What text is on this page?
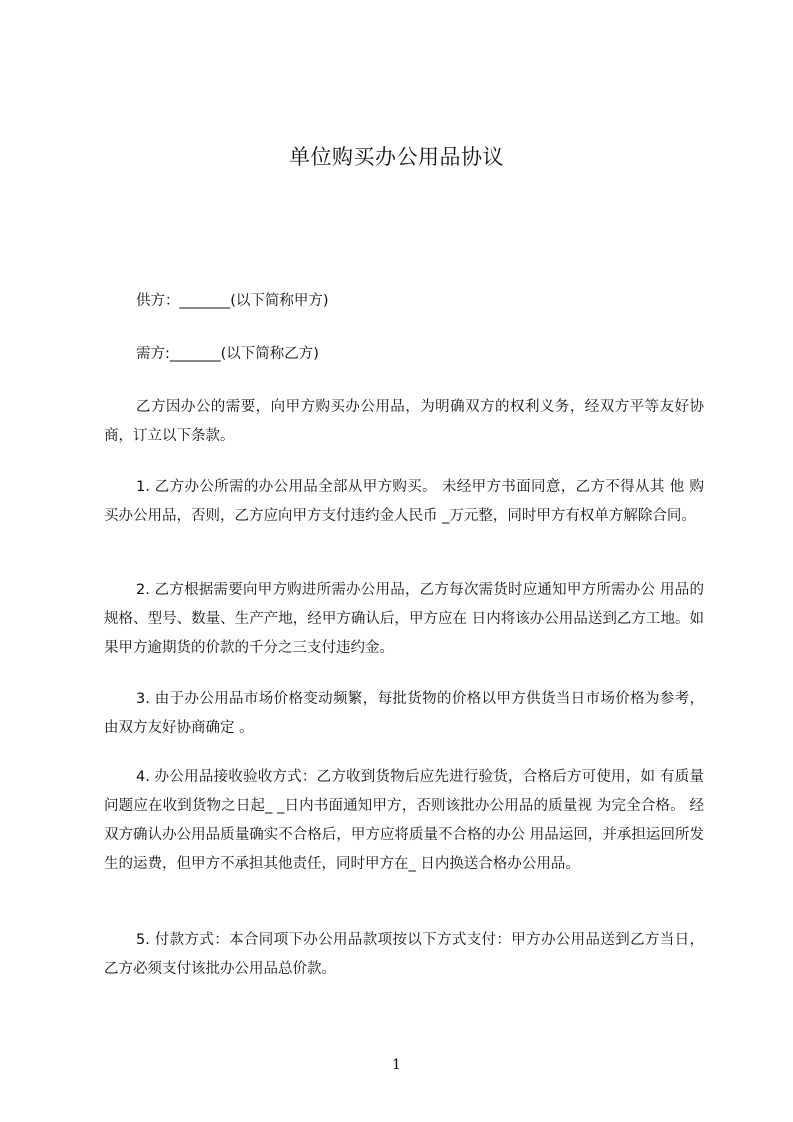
单位购买办公用品协议

供方：_______(以下简称甲方)

需方:_______(以下简称乙方)

乙方因办公的需要，向甲方购买办公用品，为明确双方的权利义务，经双方平等友好协商，订立以下条款。

1. 乙方办公所需的办公用品全部从甲方购买。 未经甲方书面同意，乙方不得从其 他 购买办公用品，否则，乙方应向甲方支付违约金人民币 _万元整，同时甲方有权单方解除合同。

2. 乙方根据需要向甲方购进所需办公用品，乙方每次需货时应通知甲方所需办公 用品的规格、型号、数量、生产产地，经甲方确认后，甲方应在 日内将该办公用品送到乙方工地。如果甲方逾期货的价款的千分之三支付违约金。

3. 由于办公用品市场价格变动频繁，每批货物的价格以甲方供货当日市场价格为参考，由双方友好协商确定 。

4. 办公用品接收验收方式：乙方收到货物后应先进行验货，合格后方可使用，如 有质量问题应在收到货物之日起_ _日内书面通知甲方，否则该批办公用品的质量视 为完全合格。 经双方确认办公用品质量确实不合格后，甲方应将质量不合格的办公 用品运回，并承担运回所发生的运费，但甲方不承担其他责任，同时甲方在_ 日内换送合格办公用品。

5. 付款方式：本合同项下办公用品款项按以下方式支付：甲方办公用品送到乙方当日，乙方必须支付该批办公用品总价款。

1
